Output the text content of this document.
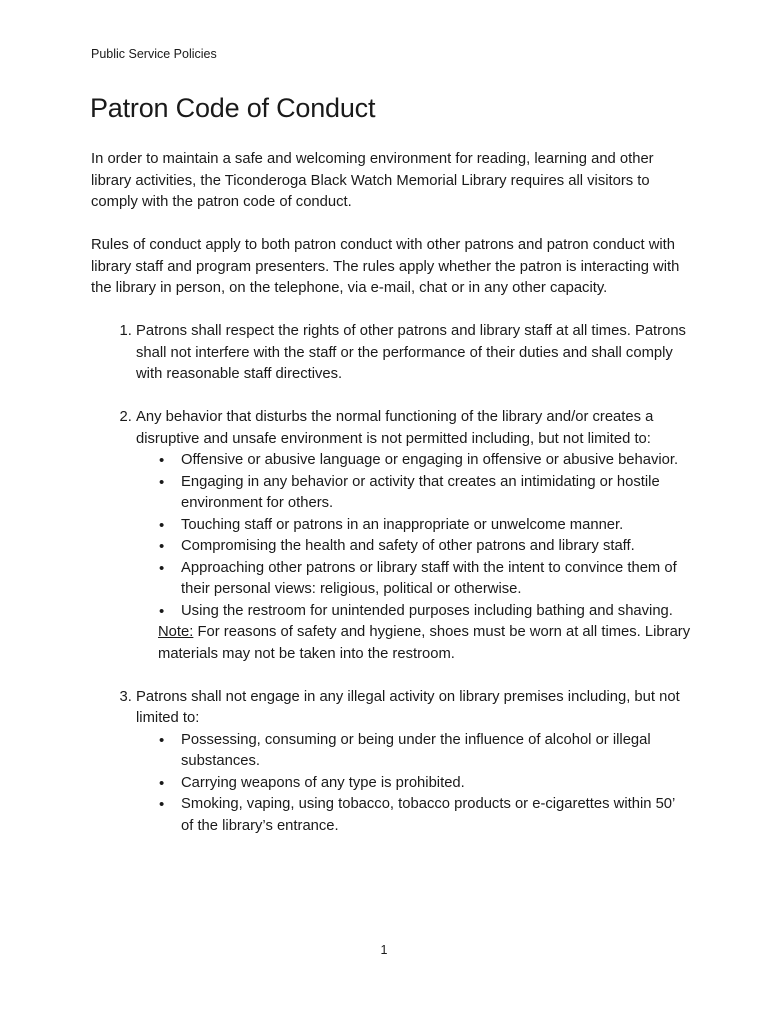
Public Service Policies
Patron Code of Conduct

In order to maintain a safe and welcoming environment for reading, learning and other library activities, the Ticonderoga Black Watch Memorial Library requires all visitors to comply with the patron code of conduct.

Rules of conduct apply to both patron conduct with other patrons and patron conduct with library staff and program presenters. The rules apply whether the patron is interacting with the library in person, on the telephone, via e-mail, chat or in any other capacity.

1. Patrons shall respect the rights of other patrons and library staff at all times. Patrons shall not interfere with the staff or the performance of their duties and shall comply with reasonable staff directives.
2. Any behavior that disturbs the normal functioning of the library and/or creates a disruptive and unsafe environment is not permitted including, but not limited to:
• Offensive or abusive language or engaging in offensive or abusive behavior.
• Engaging in any behavior or activity that creates an intimidating or hostile environment for others.
• Touching staff or patrons in an inappropriate or unwelcome manner.
• Compromising the health and safety of other patrons and library staff.
• Approaching other patrons or library staff with the intent to convince them of their personal views: religious, political or otherwise.
• Using the restroom for unintended purposes including bathing and shaving.
Note: For reasons of safety and hygiene, shoes must be worn at all times. Library materials may not be taken into the restroom.
3. Patrons shall not engage in any illegal activity on library premises including, but not limited to:
• Possessing, consuming or being under the influence of alcohol or illegal substances.
• Carrying weapons of any type is prohibited.
• Smoking, vaping, using tobacco, tobacco products or e-cigarettes within 50’ of the library’s entrance.
1
